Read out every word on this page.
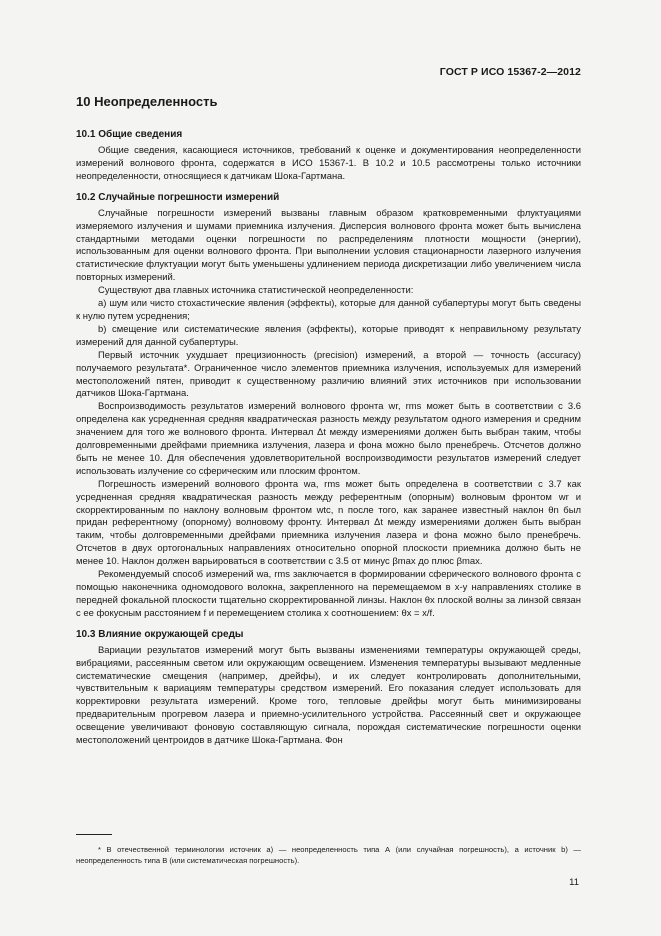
ГОСТ Р ИСО 15367-2—2012
10 Неопределенность
10.1 Общие сведения

Общие сведения, касающиеся источников, требований к оценке и документирования неопределенности измерений волнового фронта, содержатся в ИСО 15367-1. В 10.2 и 10.5 рассмотрены только источники неопределенности, относящиеся к датчикам Шока-Гартмана.

10.2 Случайные погрешности измерений

Случайные погрешности измерений вызваны главным образом кратковременными флуктуациями измеряемого излучения и шумами приемника излучения. Дисперсия волнового фронта может быть вычислена стандартными методами оценки погрешности по распределениям плотности мощности (энергии), использованным для оценки волнового фронта. При выполнении условия стационарности лазерного излучения статистические флуктуации могут быть уменьшены удлинением периода дискретизации либо увеличением числа повторных измерений.

Существуют два главных источника статистической неопределенности:

a) шум или чисто стохастические явления (эффекты), которые для данной субапертуры могут быть сведены к нулю путем усреднения;

b) смещение или систематические явления (эффекты), которые приводят к неправильному результату измерений для данной субапертуры.

Первый источник ухудшает прецизионность (precision) измерений, а второй — точность (accuracy) получаемого результата*. Ограниченное число элементов приемника излучения, используемых для измерений местоположений пятен, приводит к существенному различию влияний этих источников при использовании датчиков Шока-Гартмана.

Воспроизводимость результатов измерений волнового фронта wr, rms может быть в соответствии с 3.6 определена как усредненная средняя квадратическая разность между результатом одного измерения и средним значением для того же волнового фронта. Интервал Δt между измерениями должен быть выбран таким, чтобы долговременными дрейфами приемника излучения, лазера и фона можно было пренебречь. Отсчетов должно быть не менее 10. Для обеспечения удовлетворительной воспроизводимости результатов измерений следует использовать излучение со сферическим или плоским фронтом.

Погрешность измерений волнового фронта wa, rms может быть определена в соответствии с 3.7 как усредненная средняя квадратическая разность между референтным (опорным) волновым фронтом wr и скорректированным по наклону волновым фронтом wtc, n после того, как заранее известный наклон θn был придан референтному (опорному) волновому фронту. Интервал Δt между измерениями должен быть выбран таким, чтобы долговременными дрейфами приемника излучения лазера и фона можно было пренебречь. Отсчетов в двух ортогональных направлениях относительно опорной плоскости приемника должно быть не менее 10. Наклон должен варьироваться в соответствии с 3.5 от минус βmax до плюс βmax.

Рекомендуемый способ измерений wa, rms заключается в формировании сферического волнового фронта с помощью наконечника одномодового волокна, закрепленного на перемещаемом в x-y направлениях столике в передней фокальной плоскости тщательно скорректированной линзы. Наклон θx плоской волны за линзой связан с ее фокусным расстоянием f и перемещением столика x соотношением: θx = x/f.

10.3 Влияние окружающей среды

Вариации результатов измерений могут быть вызваны изменениями температуры окружающей среды, вибрациями, рассеянным светом или окружающим освещением. Изменения температуры вызывают медленные систематические смещения (например, дрейфы), и их следует контролировать дополнительными, чувствительным к вариациям температуры средством измерений. Его показания следует использовать для корректировки результата измерений. Кроме того, тепловые дрейфы могут быть минимизированы предварительным прогревом лазера и приемно-усилительного устройства. Рассеянный свет и окружающее освещение увеличивают фоновую составляющую сигнала, порождая систематические погрешности оценки местоположений центроидов в датчике Шока-Гартмана. Фон

* В отечественной терминологии источник a) — неопределенность типа А (или случайная погрешность), а источник b) — неопределенность типа В (или систематическая погрешность).
11
